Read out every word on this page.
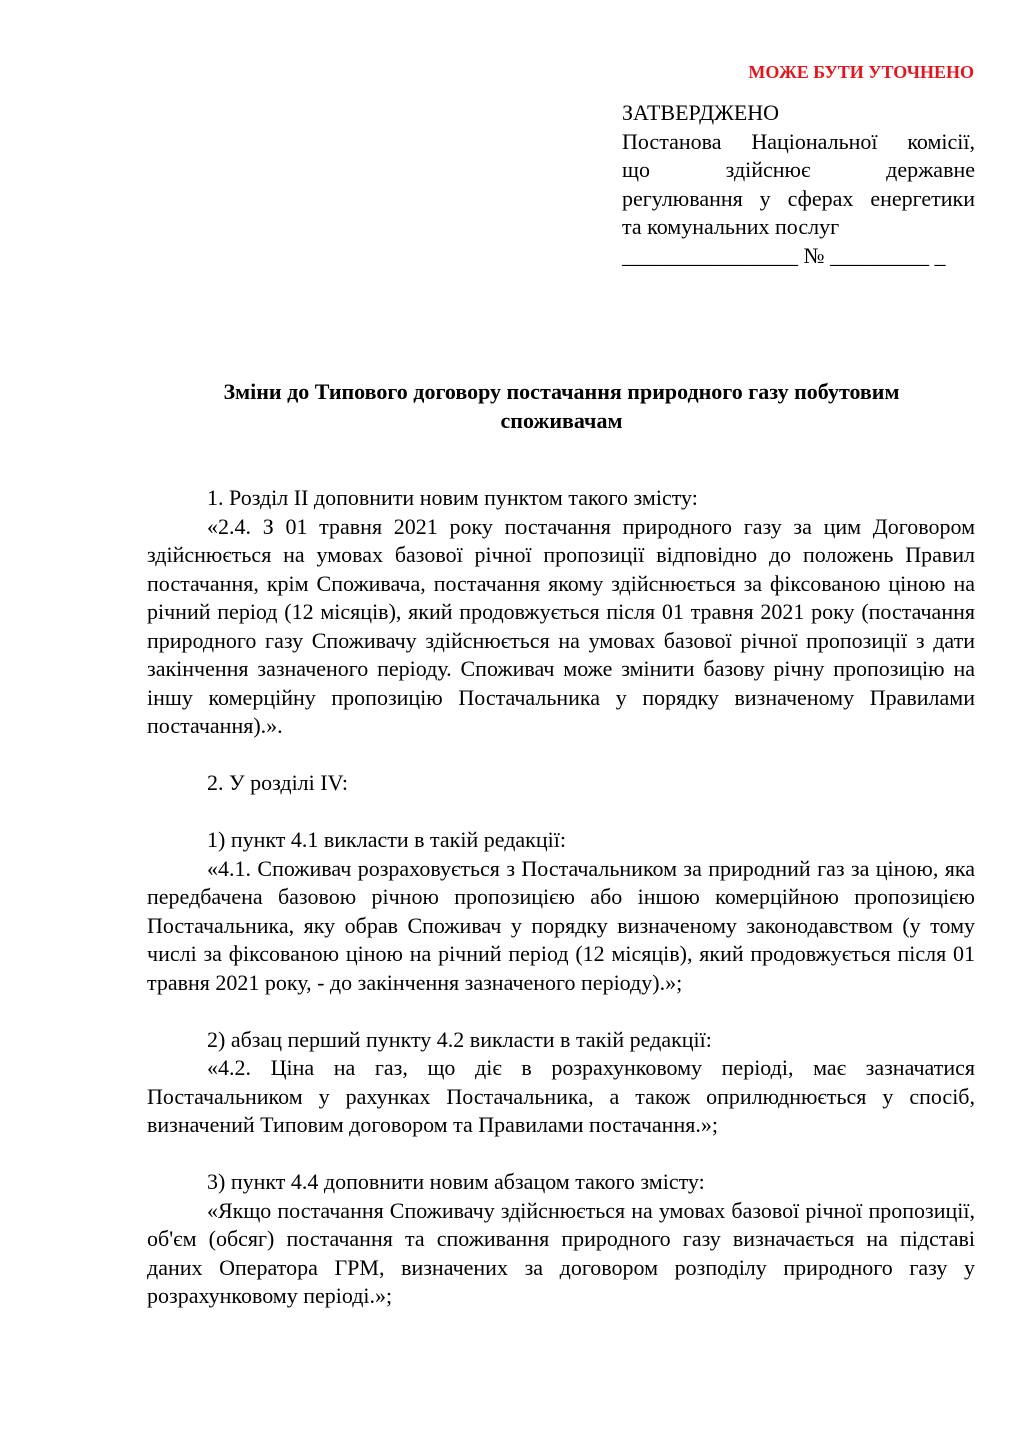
МОЖЕ БУТИ УТОЧНЕНО
ЗАТВЕРДЖЕНО
Постанова Національної комісії,
що здійснює державне
регулювання у сферах енергетики
та комунальних послуг
________________ № _________ _
Зміни до Типового договору постачання природного газу побутовим
споживачам

1. Розділ ІІ доповнити новим пунктом такого змісту:

«2.4. З 01 травня 2021 року постачання природного газу за цим Договором здійснюється на умовах базової річної пропозиції відповідно до положень Правил постачання, крім Споживача, постачання якому здійснюється за фіксованою ціною на річний період (12 місяців), який продовжується після 01 травня 2021 року (постачання природного газу Споживачу здійснюється на умовах базової річної пропозиції з дати закінчення зазначеного періоду. Споживач може змінити базову річну пропозицію на іншу комерційну пропозицію Постачальника у порядку визначеному Правилами постачання).».

2. У розділі IV:

1) пункт 4.1 викласти в такій редакції:

«4.1. Споживач розраховується з Постачальником за природний газ за ціною, яка передбачена базовою річною пропозицією або іншою комерційною пропозицією Постачальника, яку обрав Споживач у порядку визначеному законодавством (у тому числі за фіксованою ціною на річний період (12 місяців), який продовжується після 01 травня 2021 року, - до закінчення зазначеного періоду).»;

2) абзац перший пункту 4.2 викласти в такій редакції:

«4.2. Ціна на газ, що діє в розрахунковому періоді, має зазначатися Постачальником у рахунках Постачальника, а також оприлюднюється у спосіб, визначений Типовим договором та Правилами постачання.»;

3) пункт 4.4 доповнити новим абзацом такого змісту:

«Якщо постачання Споживачу здійснюється на умовах базової річної пропозиції, об'єм (обсяг) постачання та споживання природного газу визначається на підставі даних Оператора ГРМ, визначених за договором розподілу природного газу у розрахунковому періоді.»;
